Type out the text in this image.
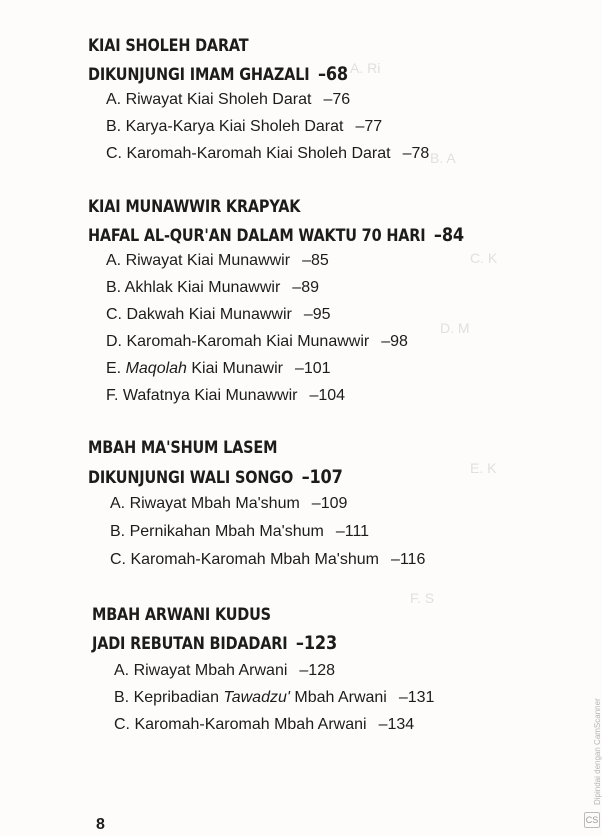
A. Ri
B. A
C. K
D. M
E. K
F. S
KIAI SHOLEH DARAT
DIKUNJUNGI IMAM GHAZALI –68
A. Riwayat Kiai Sholeh Darat –76
B. Karya-Karya Kiai Sholeh Darat –77
C. Karomah-Karomah Kiai Sholeh Darat –78
KIAI MUNAWWIR KRAPYAK
HAFAL AL-QUR'AN DALAM WAKTU 70 HARI –84
A. Riwayat Kiai Munawwir –85
B. Akhlak Kiai Munawwir –89
C. Dakwah Kiai Munawwir –95
D. Karomah-Karomah Kiai Munawwir –98
E. Maqolah Kiai Munawir –101
F. Wafatnya Kiai Munawwir –104
MBAH MA'SHUM LASEM
DIKUNJUNGI WALI SONGO –107
A. Riwayat Mbah Ma'shum –109
B. Pernikahan Mbah Ma'shum –111
C. Karomah-Karomah Mbah Ma'shum –116
MBAH ARWANI KUDUS
JADI REBUTAN BIDADARI –123
A. Riwayat Mbah Arwani –128
B. Kepribadian Tawadzu' Mbah Arwani –131
C. Karomah-Karomah Mbah Arwani –134
8
Dipindai dengan CamScanner
CS
